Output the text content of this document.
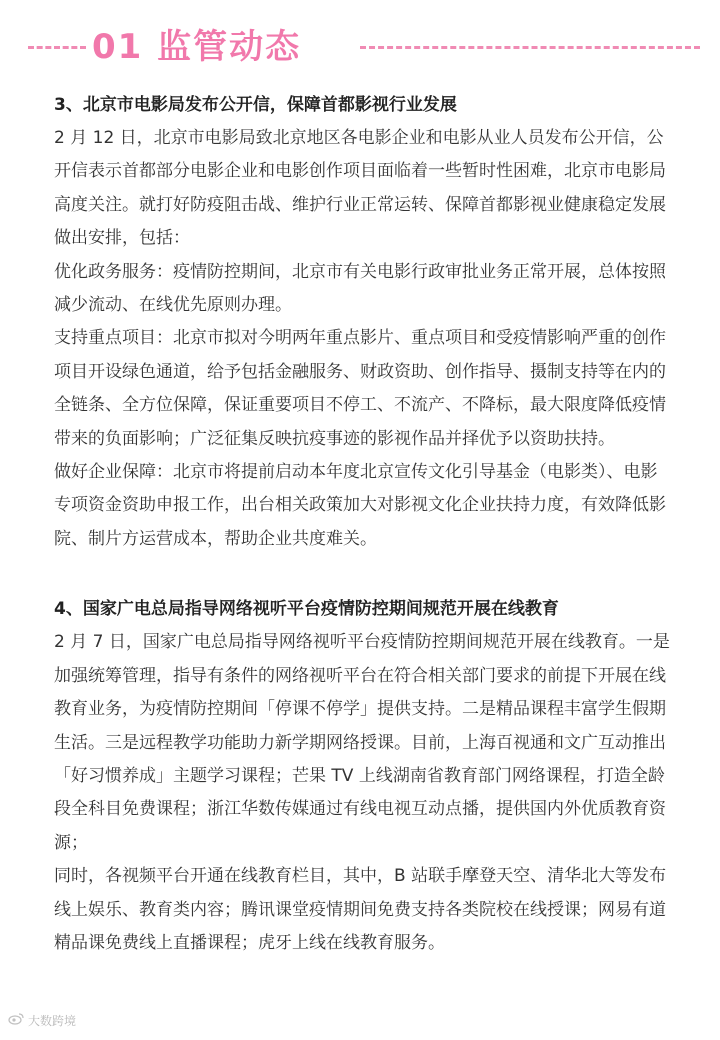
01 监管动态
3、北京市电影局发布公开信，保障首都影视行业发展

2 月 12 日，北京市电影局致北京地区各电影企业和电影从业人员发布公开信，公开信表示首都部分电影企业和电影创作项目面临着一些暂时性困难，北京市电影局高度关注。就打好防疫阻击战、维护行业正常运转、保障首都影视业健康稳定发展做出安排，包括：

优化政务服务：疫情防控期间，北京市有关电影行政审批业务正常开展，总体按照减少流动、在线优先原则办理。

支持重点项目：北京市拟对今明两年重点影片、重点项目和受疫情影响严重的创作项目开设绿色通道，给予包括金融服务、财政资助、创作指导、摄制支持等在内的全链条、全方位保障，保证重要项目不停工、不流产、不降标，最大限度降低疫情带来的负面影响；广泛征集反映抗疫事迹的影视作品并择优予以资助扶持。

做好企业保障：北京市将提前启动本年度北京宣传文化引导基金（电影类）、电影专项资金资助申报工作，出台相关政策加大对影视文化企业扶持力度，有效降低影院、制片方运营成本，帮助企业共度难关。

4、国家广电总局指导网络视听平台疫情防控期间规范开展在线教育

2 月 7 日，国家广电总局指导网络视听平台疫情防控期间规范开展在线教育。一是加强统筹管理，指导有条件的网络视听平台在符合相关部门要求的前提下开展在线教育业务，为疫情防控期间「停课不停学」提供支持。二是精品课程丰富学生假期生活。三是远程教学功能助力新学期网络授课。目前，上海百视通和文广互动推出「好习惯养成」主题学习课程；芒果 TV 上线湖南省教育部门网络课程，打造全龄段全科目免费课程；浙江华数传媒通过有线电视互动点播，提供国内外优质教育资源；

同时，各视频平台开通在线教育栏目，其中，B 站联手摩登天空、清华北大等发布线上娱乐、教育类内容；腾讯课堂疫情期间免费支持各类院校在线授课；网易有道精品课免费线上直播课程；虎牙上线在线教育服务。

大数跨境
